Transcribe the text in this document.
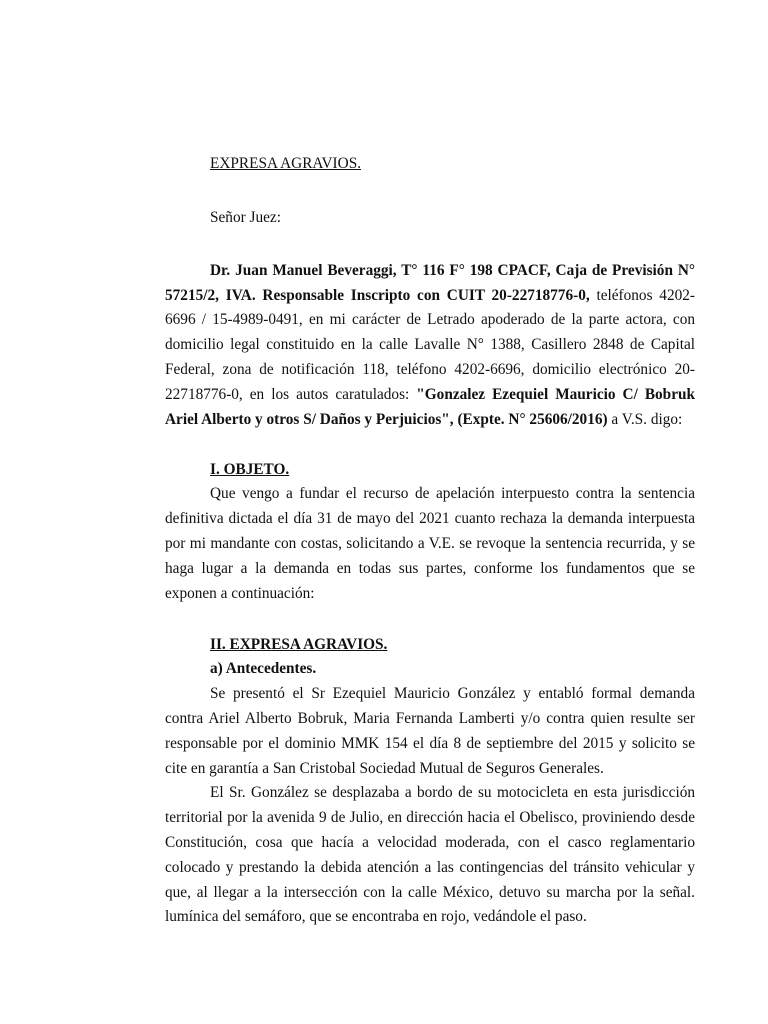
EXPRESA AGRAVIOS.

Señor Juez:

Dr. Juan Manuel Beveraggi, T° 116 F° 198 CPACF, Caja de Previsión N° 57215/2, IVA. Responsable Inscripto con CUIT 20-22718776-0, teléfonos 4202-6696 / 15-4989-0491, en mi carácter de Letrado apoderado de la parte actora, con domicilio legal constituido en la calle Lavalle N° 1388, Casillero 2848 de Capital Federal, zona de notificación 118, teléfono 4202-6696, domicilio electrónico 20-22718776-0, en los autos caratulados: "Gonzalez Ezequiel Mauricio C/ Bobruk Ariel Alberto y otros S/ Daños y Perjuicios", (Expte. N° 25606/2016) a V.S. digo:

I. OBJETO.

Que vengo a fundar el recurso de apelación interpuesto contra la sentencia definitiva dictada el día 31 de mayo del 2021 cuanto rechaza la demanda interpuesta por mi mandante con costas, solicitando a V.E. se revoque la sentencia recurrida, y se haga lugar a la demanda en todas sus partes, conforme los fundamentos que se exponen a continuación:

II. EXPRESA AGRAVIOS.
a) Antecedentes.

Se presentó el Sr Ezequiel Mauricio González y entabló formal demanda contra Ariel Alberto Bobruk, Maria Fernanda Lamberti y/o contra quien resulte ser responsable por el dominio MMK 154 el día 8 de septiembre del 2015 y solicito se cite en garantía a San Cristobal Sociedad Mutual de Seguros Generales.

El Sr. González se desplazaba a bordo de su motocicleta en esta jurisdicción territorial por la avenida 9 de Julio, en dirección hacia el Obelisco, proviniendo desde Constitución, cosa que hacía a velocidad moderada, con el casco reglamentario colocado y prestando la debida atención a las contingencias del tránsito vehicular y que, al llegar a la intersección con la calle México, detuvo su marcha por la señal. lumínica del semáforo, que se encontraba en rojo, vedándole el paso.
